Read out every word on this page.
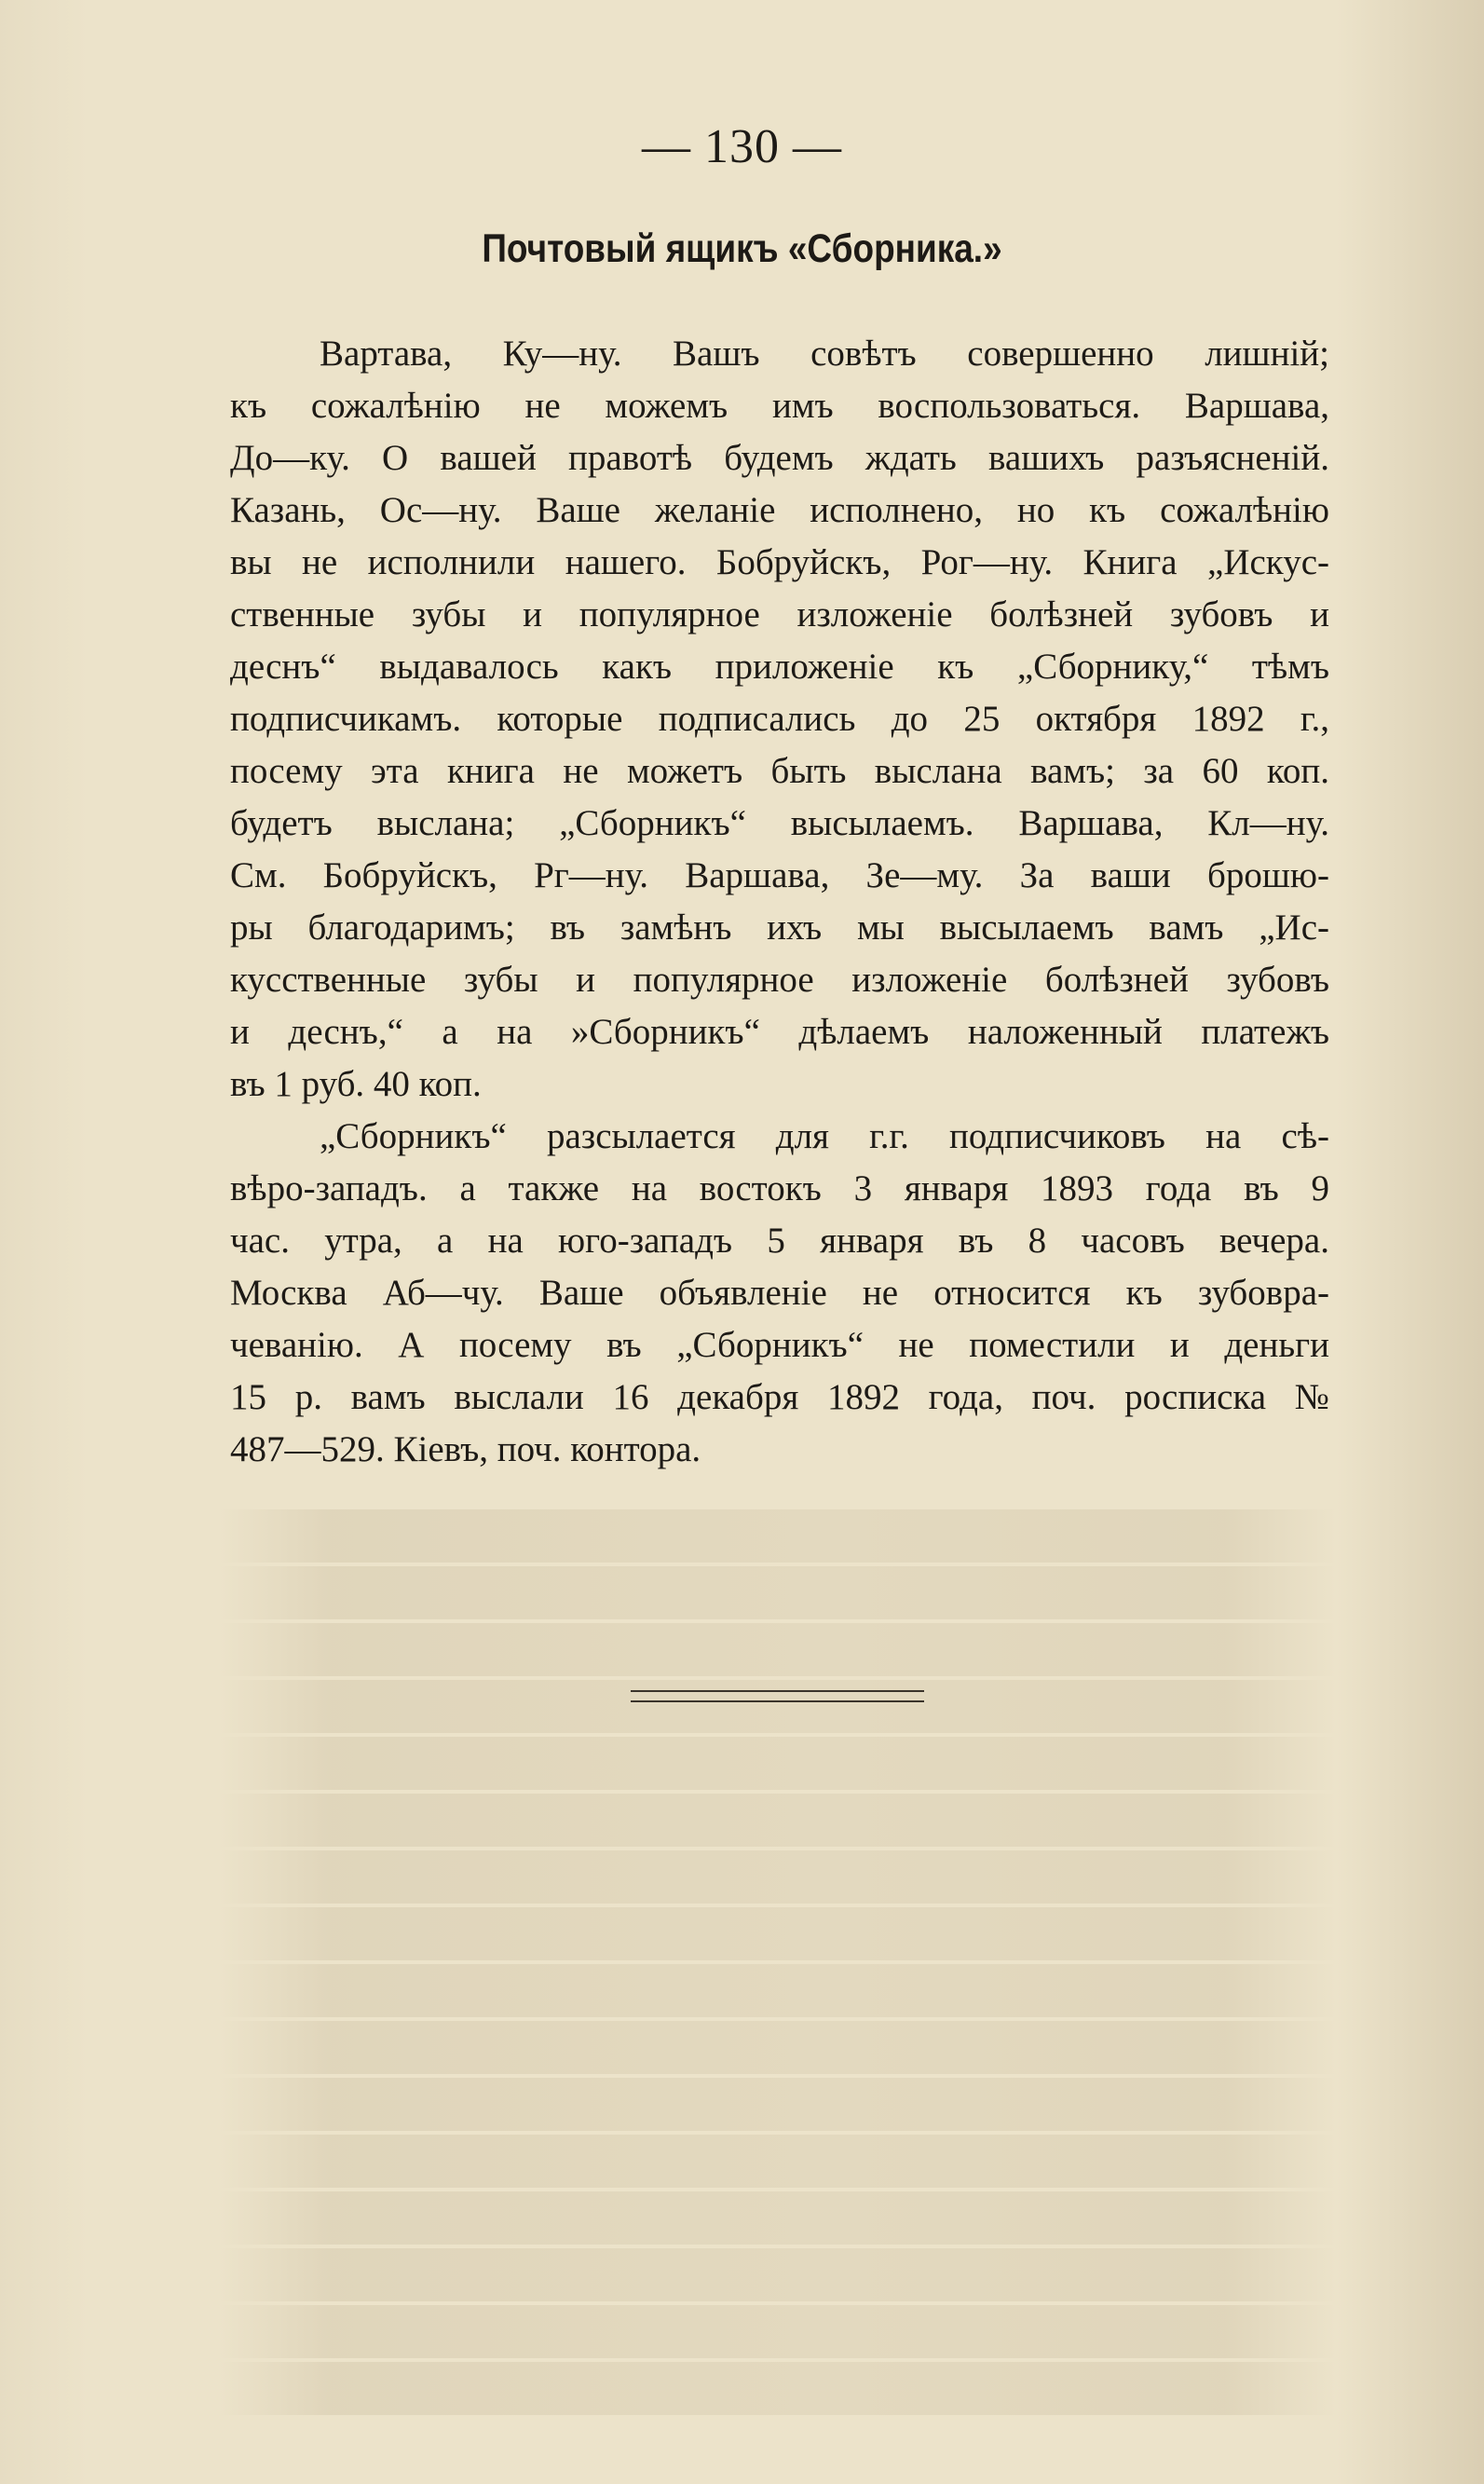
— 130 —
Почтовый ящикъ «Сборника.»
Вартава, Ку—ну. Вашъ совѣтъ совершенно лишній;
къ сожалѣнію не можемъ имъ воспользоваться. Варшава,
До—ку. О вашей правотѣ будемъ ждать вашихъ разъясненій.
Казань, Ос—ну. Ваше желаніе исполнено, но къ сожалѣнію
вы не исполнили нашего. Бобруйскъ, Рог—ну. Книга „Искус-
ственные зубы и популярное изложеніе болѣзней зубовъ и
деснъ“ выдавалось какъ приложеніе къ „Сборнику,“ тѣмъ
подписчикамъ. которые подписались до 25 октября 1892 г.,
посему эта книга не можетъ быть выслана вамъ; за 60 коп.
будетъ выслана; „Сборникъ“ высылаемъ. Варшава, Кл—ну.
См. Бобруйскъ, Рг—ну. Варшава, Зе—му. За ваши брошю-
ры благодаримъ; въ замѣнъ ихъ мы высылаемъ вамъ „Ис-
кусственные зубы и популярное изложеніе болѣзней зубовъ
и деснъ,“ а на »Сборникъ“ дѣлаемъ наложенный платежъ
въ 1 руб. 40 коп.
„Сборникъ“ разсылается для г.г. подписчиковъ на сѣ-
вѣро-западъ. а также на востокъ 3 января 1893 года въ 9
час. утра, а на юго-западъ 5 января въ 8 часовъ вечера.
Москва Аб—чу. Ваше объявленіе не относится къ зубовра-
чеванію. А посему въ „Сборникъ“ не поместили и деньги
15 р. вамъ выслали 16 декабря 1892 года, поч. росписка №
487—529. Кіевъ, поч. контора.
